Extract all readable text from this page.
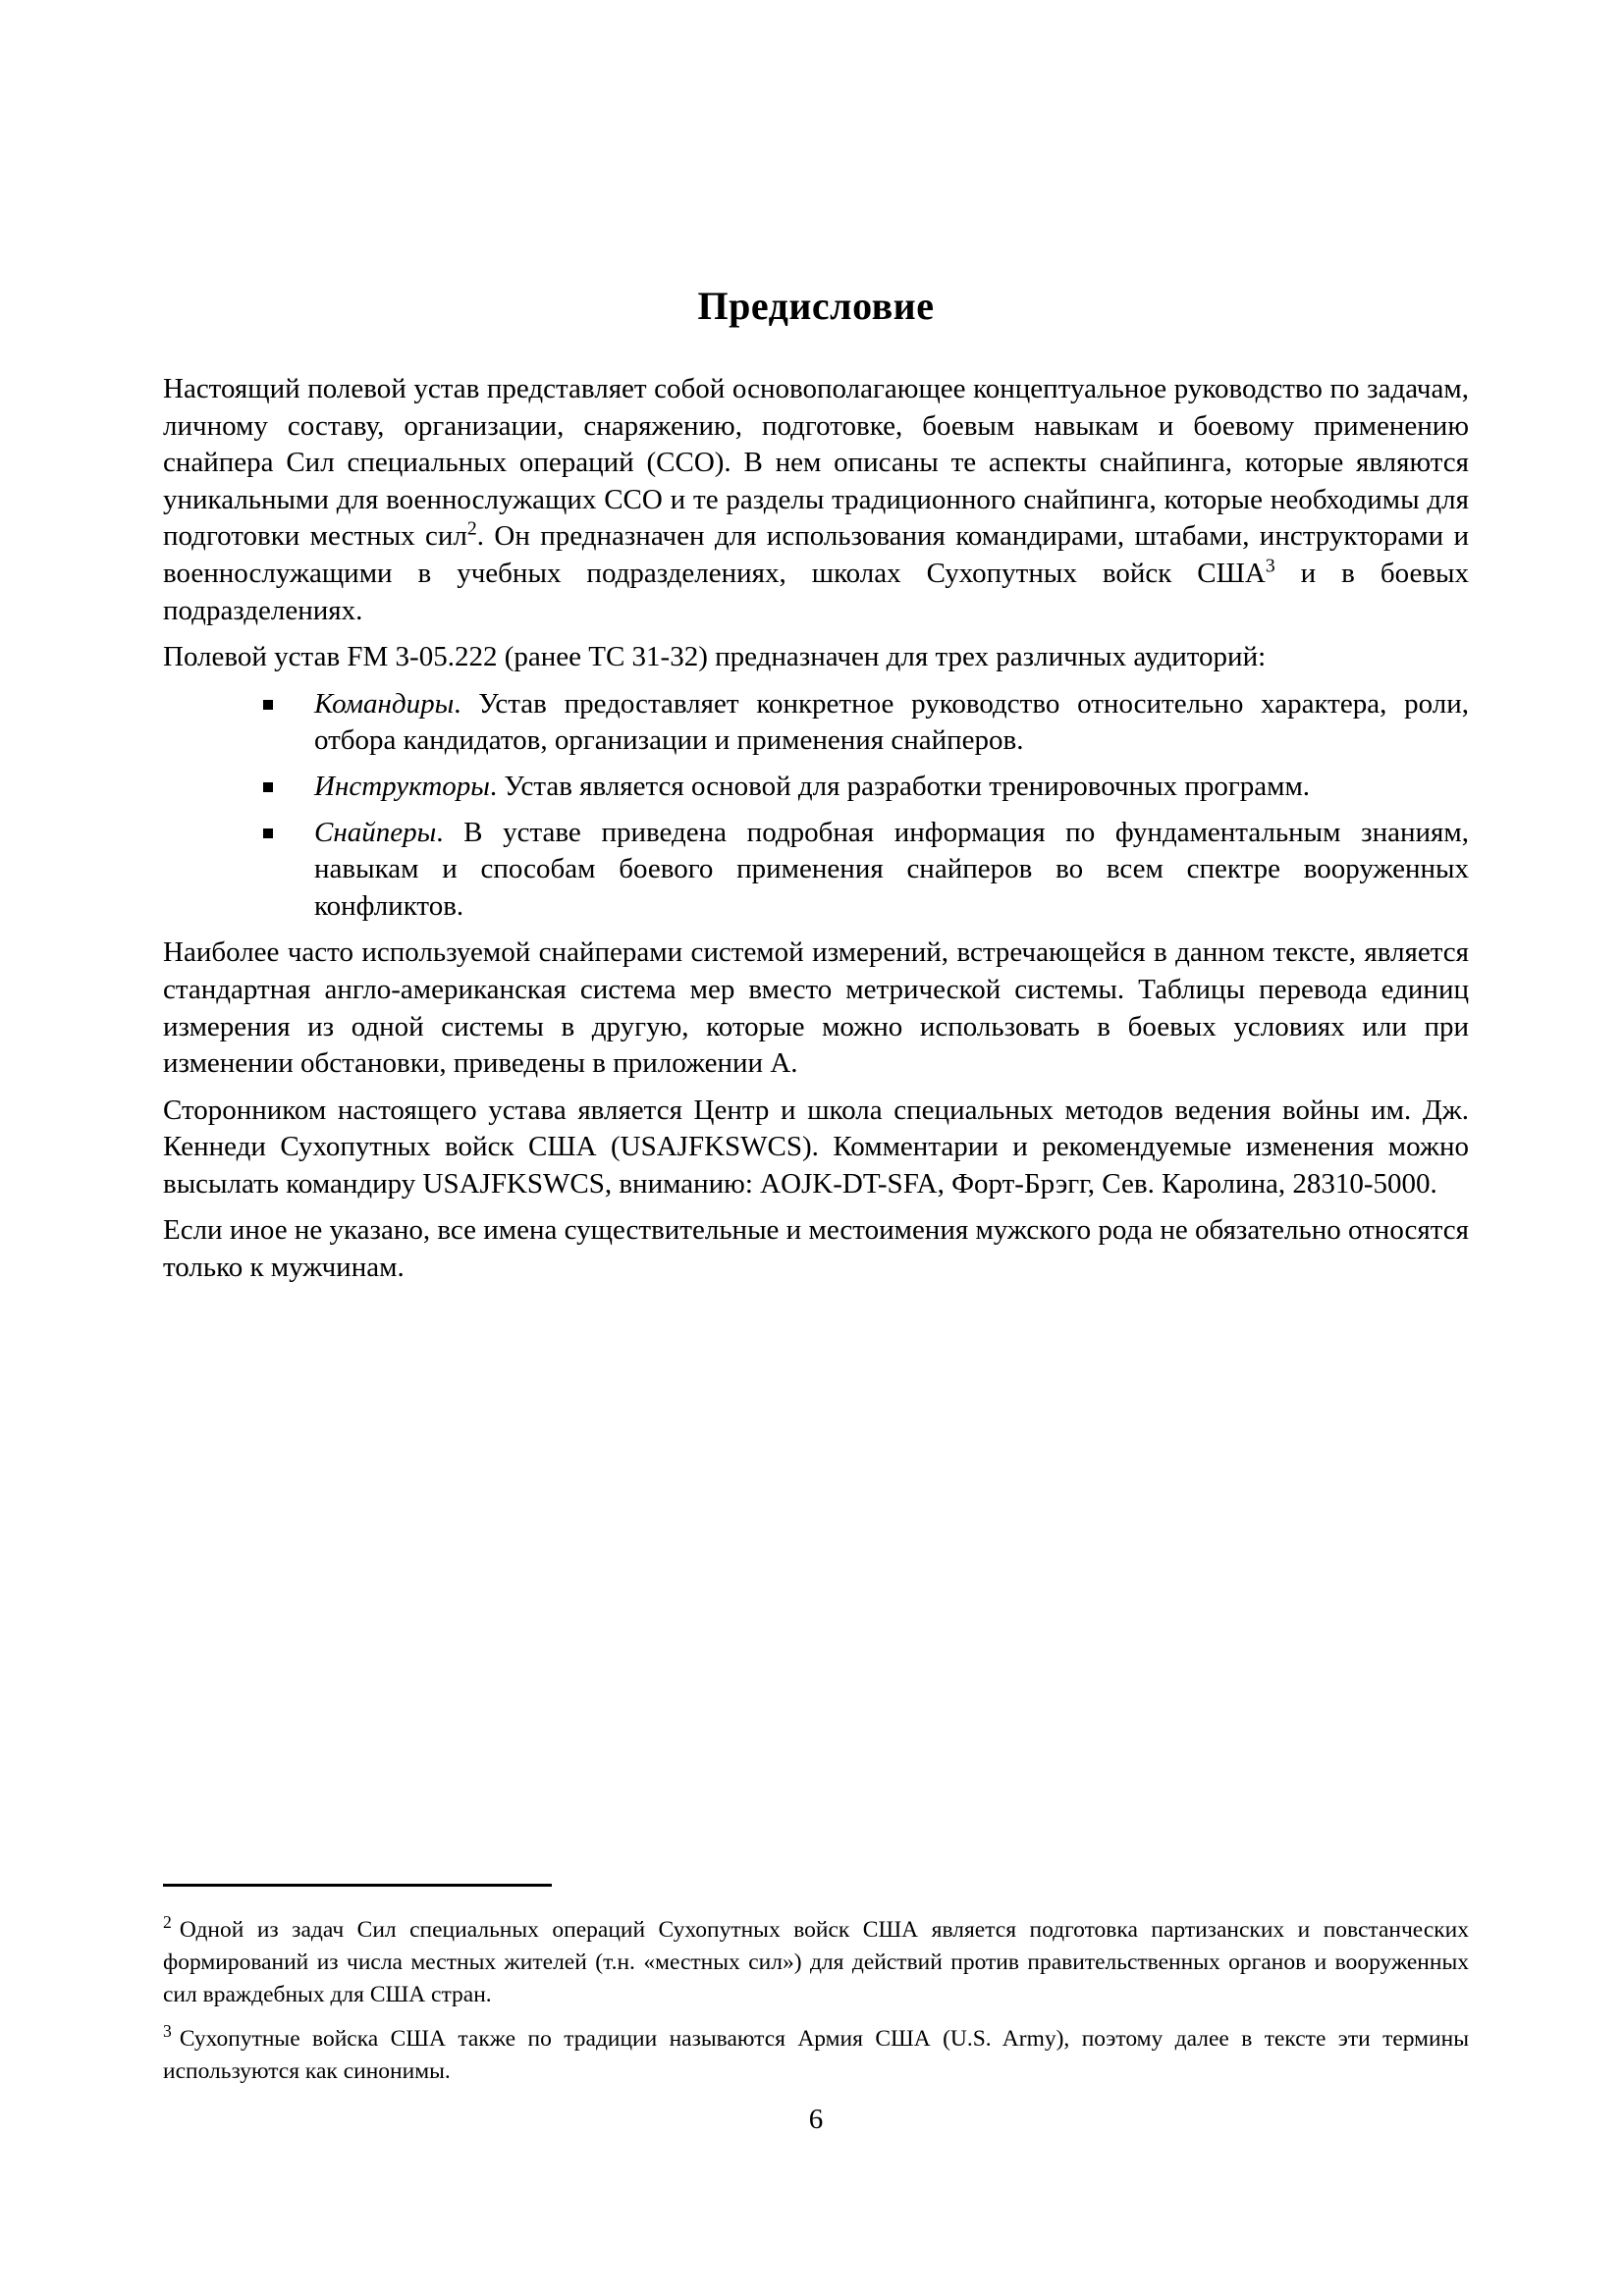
Предисловие

Настоящий полевой устав представляет собой основополагающее концептуальное руководство по задачам, личному составу, организации, снаряжению, подготовке, боевым навыкам и боевому применению снайпера Сил специальных операций (ССО). В нем описаны те аспекты снайпинга, которые являются уникальными для военнослужащих ССО и те разделы традиционного снайпинга, которые необходимы для подготовки местных сил$^2$. Он предназначен для использования командирами, штабами, инструкторами и военнослужащими в учебных подразделениях, школах Сухопутных войск США$^3$ и в боевых подразделениях.

Полевой устав FM 3-05.222 (ранее TC 31-32) предназначен для трех различных аудиторий:

Командиры. Устав предоставляет конкретное руководство относительно характера, роли, отбора кандидатов, организации и применения снайперов.
Инструкторы. Устав является основой для разработки тренировочных программ.
Снайперы. В уставе приведена подробная информация по фундаментальным знаниям, навыкам и способам боевого применения снайперов во всем спектре вооруженных конфликтов.

Наиболее часто используемой снайперами системой измерений, встречающейся в данном тексте, является стандартная англо-американская система мер вместо метрической системы. Таблицы перевода единиц измерения из одной системы в другую, которые можно использовать в боевых условиях или при изменении обстановки, приведены в приложении А.

Сторонником настоящего устава является Центр и школа специальных методов ведения войны им. Дж. Кеннеди Сухопутных войск США (USAJFKSWCS). Комментарии и рекомендуемые изменения можно высылать командиру USAJFKSWCS, вниманию: AOJK-DT-SFA, Форт-Брэгг, Сев. Каролина, 28310-5000.

Если иное не указано, все имена существительные и местоимения мужского рода не обязательно относятся только к мужчинам.

$^2$ Одной из задач Сил специальных операций Сухопутных войск США является подготовка партизанских и повстанческих формирований из числа местных жителей (т.н. «местных сил») для действий против правительственных органов и вооруженных сил враждебных для США стран.

$^3$ Сухопутные войска США также по традиции называются Армия США (U.S. Army), поэтому далее в тексте эти термины используются как синонимы.

6
